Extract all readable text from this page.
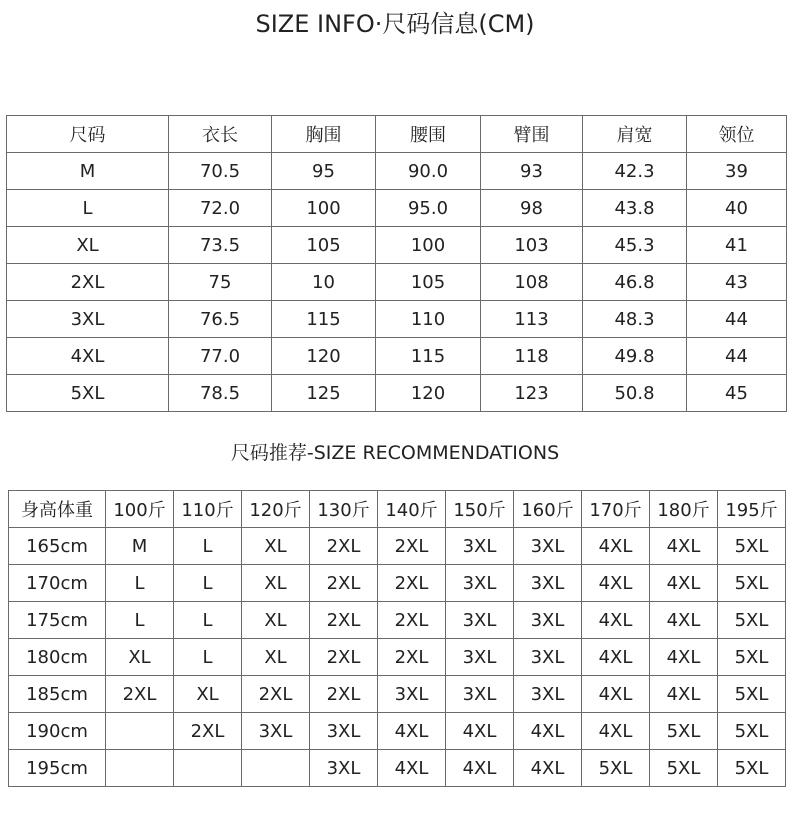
SIZE INFO·尺码信息(CM)
尺码	衣长	胸围	腰围	臂围	肩宽	领位
M	70.5	95	90.0	93	42.3	39
L	72.0	100	95.0	98	43.8	40
XL	73.5	105	100	103	45.3	41
2XL	75	10	105	108	46.8	43
3XL	76.5	115	110	113	48.3	44
4XL	77.0	120	115	118	49.8	44
5XL	78.5	125	120	123	50.8	45
尺码推荐-SIZE RECOMMENDATIONS
身高体重	100斤	110斤	120斤	130斤	140斤	150斤	160斤	170斤	180斤	195斤
165cm	M	L	XL	2XL	2XL	3XL	3XL	4XL	4XL	5XL
170cm	L	L	XL	2XL	2XL	3XL	3XL	4XL	4XL	5XL
175cm	L	L	XL	2XL	2XL	3XL	3XL	4XL	4XL	5XL
180cm	XL	L	XL	2XL	2XL	3XL	3XL	4XL	4XL	5XL
185cm	2XL	XL	2XL	2XL	3XL	3XL	3XL	4XL	4XL	5XL
190cm		2XL	3XL	3XL	4XL	4XL	4XL	4XL	5XL	5XL
195cm				3XL	4XL	4XL	4XL	5XL	5XL	5XL
